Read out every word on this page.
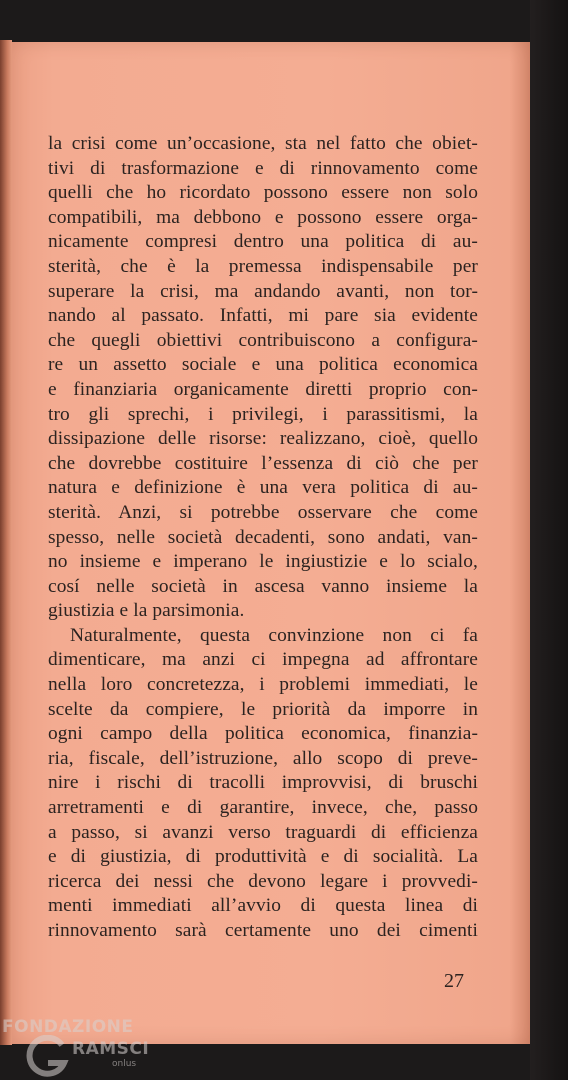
la crisi come un’occasione, sta nel fatto che obiet-
tivi di trasformazione e di rinnovamento come
quelli che ho ricordato possono essere non solo
compatibili, ma debbono e possono essere orga-
nicamente compresi dentro una politica di au-
sterità, che è la premessa indispensabile per
superare la crisi, ma andando avanti, non tor-
nando al passato. Infatti, mi pare sia evidente
che quegli obiettivi contribuiscono a configura-
re un assetto sociale e una politica economica
e finanziaria organicamente diretti proprio con-
tro gli sprechi, i privilegi, i parassitismi, la
dissipazione delle risorse: realizzano, cioè, quello
che dovrebbe costituire l’essenza di ciò che per
natura e definizione è una vera politica di au-
sterità. Anzi, si potrebbe osservare che come
spesso, nelle società decadenti, sono andati, van-
no insieme e imperano le ingiustizie e lo scialo,
cosí nelle società in ascesa vanno insieme la
giustizia e la parsimonia.
Naturalmente, questa convinzione non ci fa
dimenticare, ma anzi ci impegna ad affrontare
nella loro concretezza, i problemi immediati, le
scelte da compiere, le priorità da imporre in
ogni campo della politica economica, finanzia-
ria, fiscale, dell’istruzione, allo scopo di preve-
nire i rischi di tracolli improvvisi, di bruschi
arretramenti e di garantire, invece, che, passo
a passo, si avanzi verso traguardi di efficienza
e di giustizia, di produttività e di socialità. La
ricerca dei nessi che devono legare i provvedi-
menti immediati all’avvio di questa linea di
rinnovamento sarà certamente uno dei cimenti
27
FONDAZIONE
RAMSCI
onlus
